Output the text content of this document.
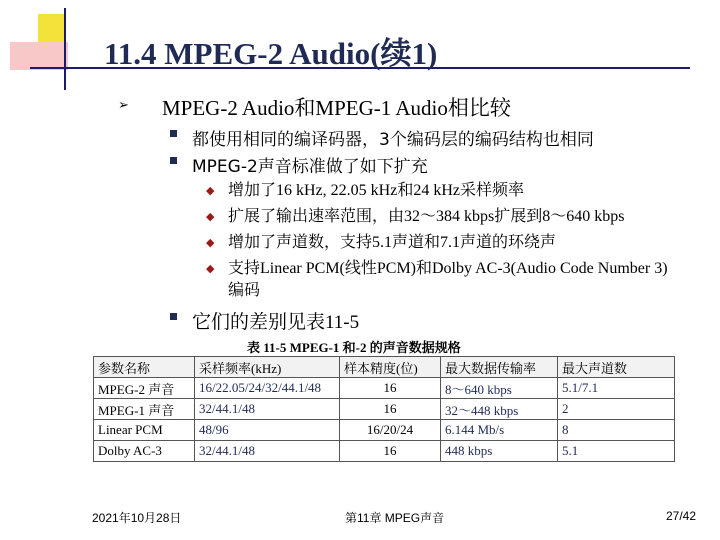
11.4 MPEG-2 Audio(续1)
➢ MPEG-2 Audio和MPEG-1 Audio相比较
都使用相同的编译码器，3个编码层的编码结构也相同
MPEG-2声音标准做了如下扩充
◆ 增加了16 kHz, 22.05 kHz和24 kHz采样频率
◆ 扩展了输出速率范围，由32～384 kbps扩展到8～640 kbps
◆ 增加了声道数，支持5.1声道和7.1声道的环绕声
◆ 支持Linear PCM(线性PCM)和Dolby AC-3(Audio Code Number 3)编码
它们的差别见表11-5
表 11-5 MPEG-1 和-2 的声音数据规格
参数名称	采样频率(kHz)	样本精度(位)	最大数据传输率	最大声道数
MPEG-2 声音	16/22.05/24/32/44.1/48	16	8～640 kbps	5.1/7.1
MPEG-1 声音	32/44.1/48	16	32～448 kbps	2
Linear PCM	48/96	16/20/24	6.144 Mb/s	8
Dolby AC-3	32/44.1/48	16	448 kbps	5.1
2021年10月28日	第11章 MPEG声音	27/42
